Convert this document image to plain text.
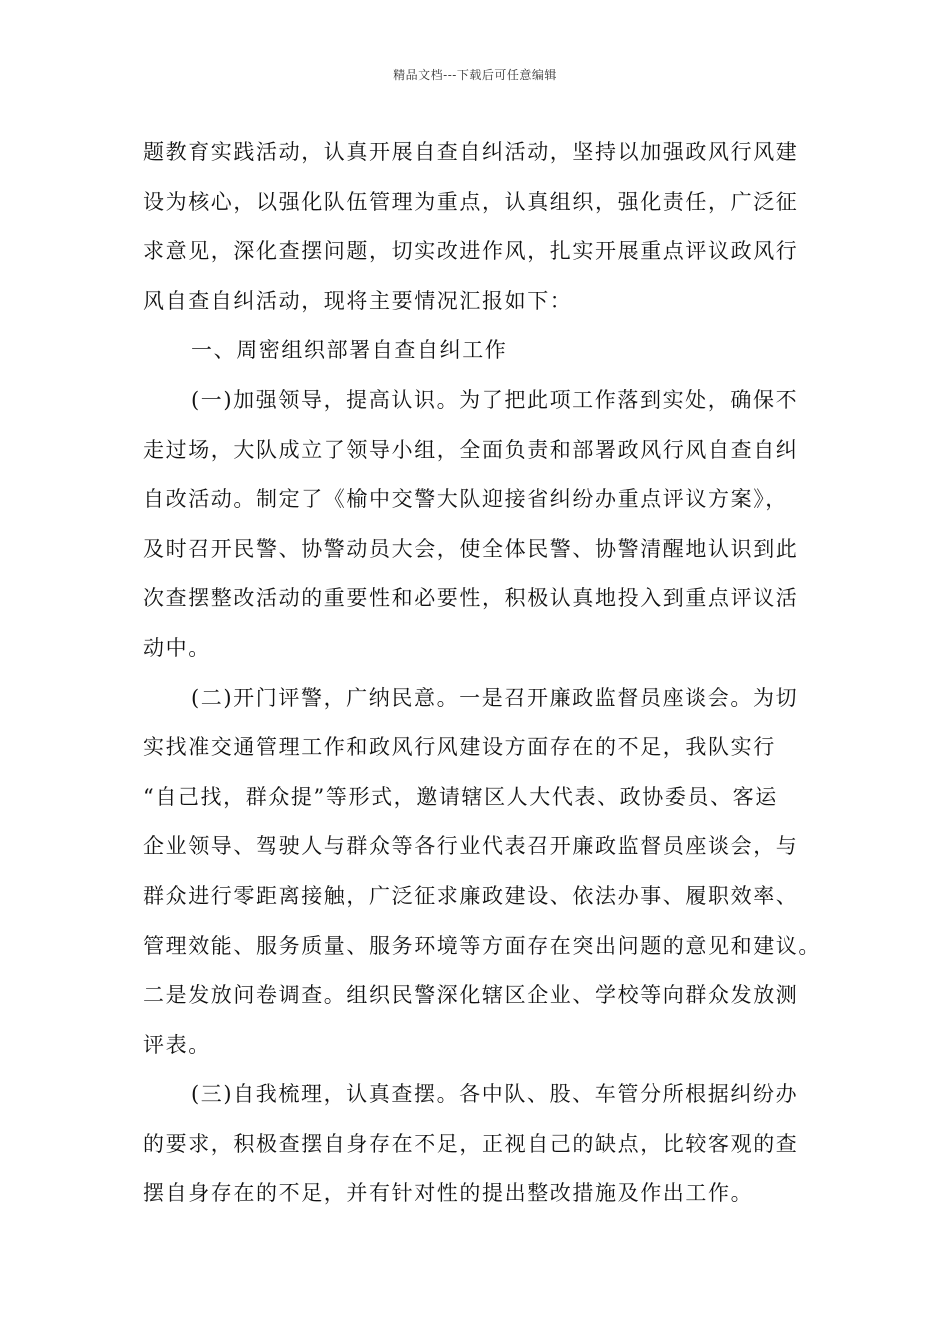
精品文档---下载后可任意编辑
题教育实践活动，认真开展自查自纠活动，坚持以加强政风行风建
设为核心，以强化队伍管理为重点，认真组织，强化责任，广泛征
求意见，深化查摆问题，切实改进作风，扎实开展重点评议政风行
风自查自纠活动，现将主要情况汇报如下：
一、周密组织部署自查自纠工作
(一)加强领导，提高认识。为了把此项工作落到实处，确保不
走过场，大队成立了领导小组，全面负责和部署政风行风自查自纠
自改活动。制定了《榆中交警大队迎接省纠纷办重点评议方案》，
及时召开民警、协警动员大会，使全体民警、协警清醒地认识到此
次查摆整改活动的重要性和必要性，积极认真地投入到重点评议活
动中。
(二)开门评警，广纳民意。一是召开廉政监督员座谈会。为切
实找准交通管理工作和政风行风建设方面存在的不足，我队实行
“自己找，群众提”等形式，邀请辖区人大代表、政协委员、客运
企业领导、驾驶人与群众等各行业代表召开廉政监督员座谈会，与
群众进行零距离接触，广泛征求廉政建设、依法办事、履职效率、
管理效能、服务质量、服务环境等方面存在突出问题的意见和建议。
二是发放问卷调查。组织民警深化辖区企业、学校等向群众发放测
评表。
(三)自我梳理，认真查摆。各中队、股、车管分所根据纠纷办
的要求，积极查摆自身存在不足，正视自己的缺点，比较客观的查
摆自身存在的不足，并有针对性的提出整改措施及作出工作。
